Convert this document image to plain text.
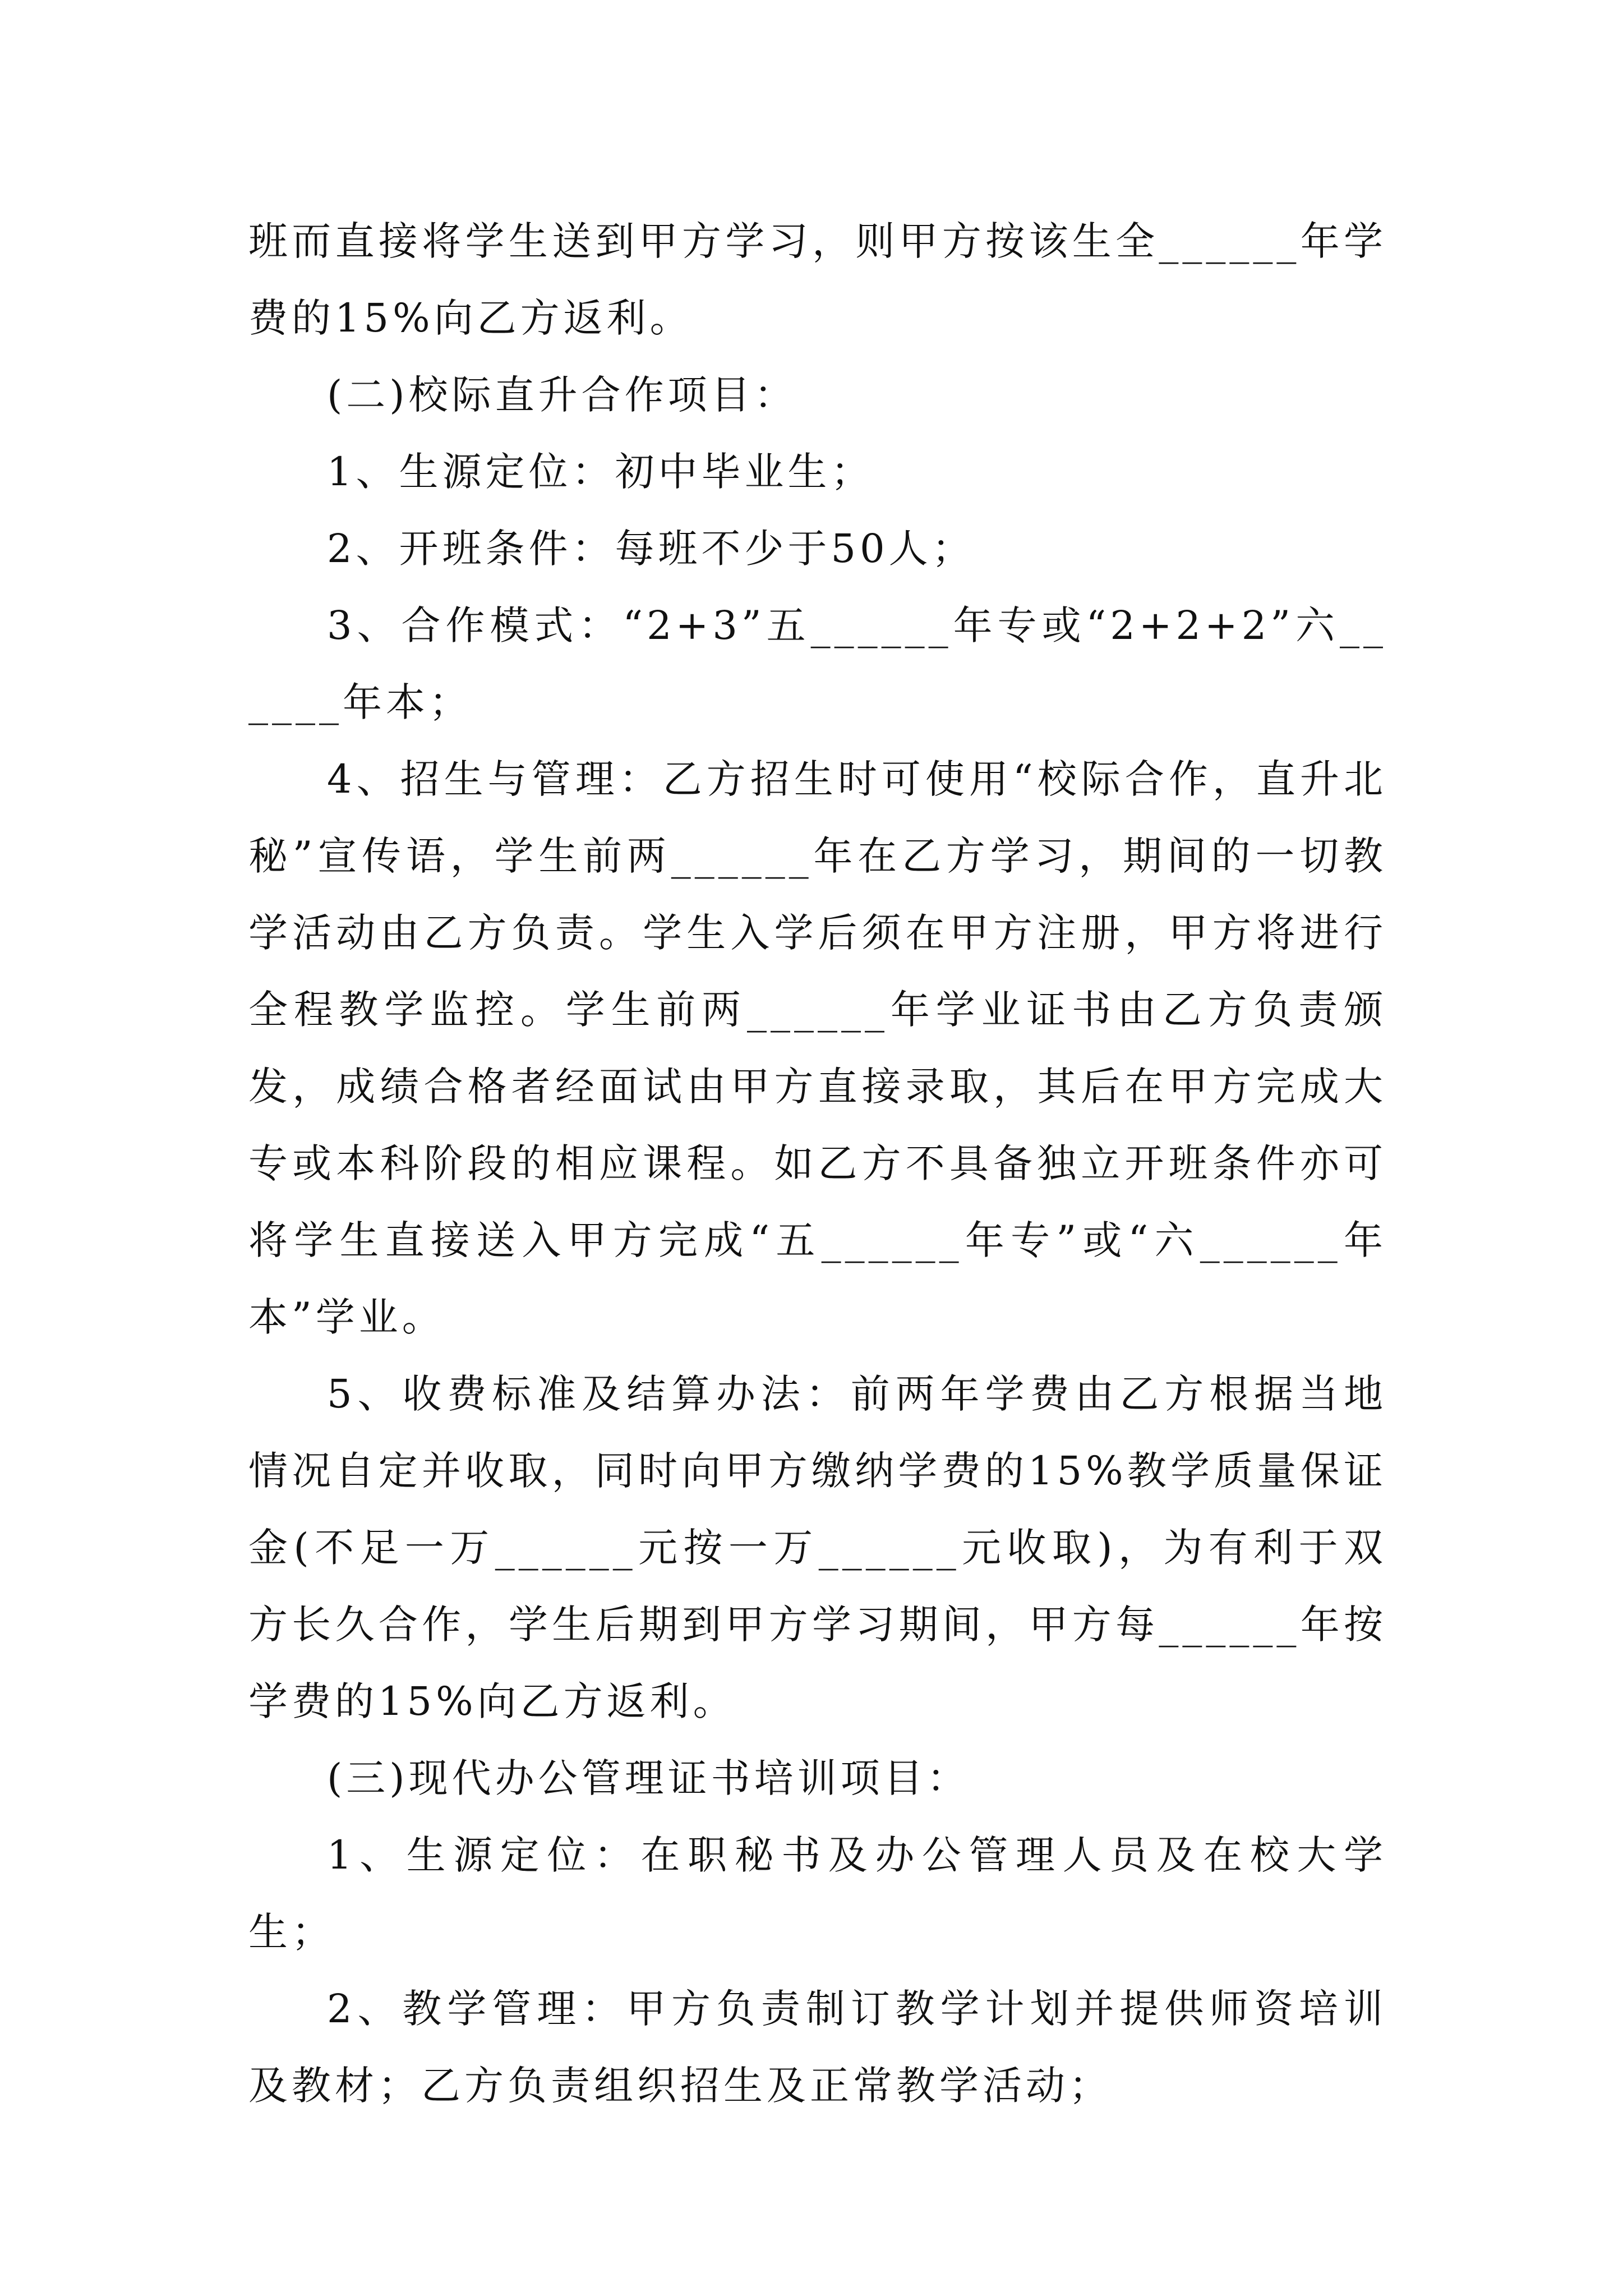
班而直接将学生送到甲方学习，则甲方按该生全______年学费的15%向乙方返利。

(二)校际直升合作项目：

1、生源定位：初中毕业生；

2、开班条件：每班不少于50人；

3、合作模式：“2+3”五______年专或“2+2+2”六______年本；

4、招生与管理：乙方招生时可使用“校际合作，直升北秘”宣传语，学生前两______年在乙方学习，期间的一切教学活动由乙方负责。学生入学后须在甲方注册，甲方将进行全程教学监控。学生前两______年学业证书由乙方负责颁发，成绩合格者经面试由甲方直接录取，其后在甲方完成大专或本科阶段的相应课程。如乙方不具备独立开班条件亦可将学生直接送入甲方完成“五______年专”或“六______年本”学业。

5、收费标准及结算办法：前两年学费由乙方根据当地情况自定并收取，同时向甲方缴纳学费的15%教学质量保证金(不足一万______元按一万______元收取)，为有利于双方长久合作，学生后期到甲方学习期间，甲方每______年按学费的15%向乙方返利。

(三)现代办公管理证书培训项目：

1、生源定位：在职秘书及办公管理人员及在校大学生；

2、教学管理：甲方负责制订教学计划并提供师资培训及教材；乙方负责组织招生及正常教学活动；
